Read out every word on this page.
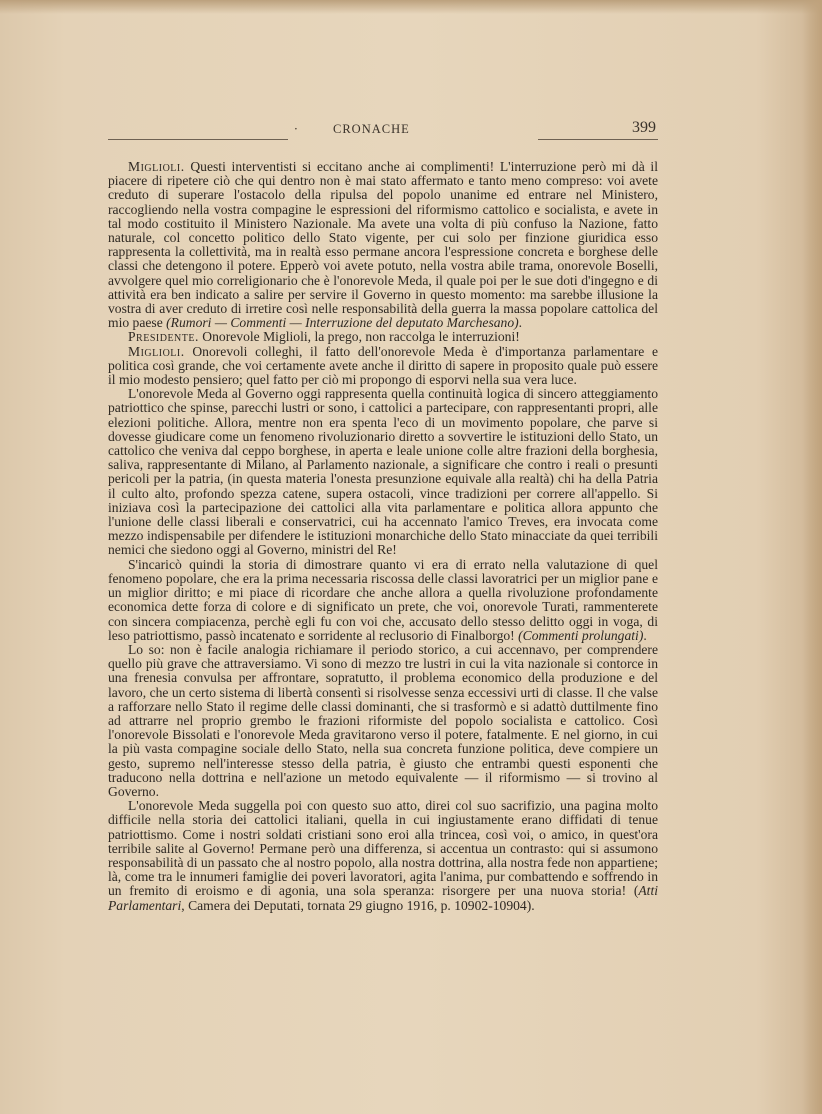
·	CRONACHE	399

Miglioli. Questi interventisti si eccitano anche ai complimenti! L'interruzione però mi dà il piacere di ripetere ciò che qui dentro non è mai stato affermato e tanto meno compreso: voi avete creduto di superare l'ostacolo della ripulsa del popolo unanime ed entrare nel Ministero, raccogliendo nella vostra compagine le espressioni del riformismo cattolico e socialista, e avete in tal modo costituito il Ministero Nazionale. Ma avete una volta di più confuso la Nazione, fatto naturale, col concetto politico dello Stato vigente, per cui solo per finzione giuridica esso rappresenta la collettività, ma in realtà esso permane ancora l'espressione concreta e borghese delle classi che detengono il potere. Epperò voi avete potuto, nella vostra abile trama, onorevole Boselli, avvolgere quel mio correligionario che è l'onorevole Meda, il quale poi per le sue doti d'ingegno e di attività era ben indicato a salire per servire il Governo in questo momento: ma sarebbe illusione la vostra di aver creduto di irretire così nelle responsabilità della guerra la massa popolare cattolica del mio paese (Rumori — Commenti — Interruzione del deputato Marchesano).

Presidente. Onorevole Miglioli, la prego, non raccolga le interruzioni!

Miglioli. Onorevoli colleghi, il fatto dell'onorevole Meda è d'importanza parlamentare e politica così grande, che voi certamente avete anche il diritto di sapere in proposito quale può essere il mio modesto pensiero; quel fatto per ciò mi propongo di esporvi nella sua vera luce.

L'onorevole Meda al Governo oggi rappresenta quella continuità logica di sincero atteggiamento patriottico che spinse, parecchi lustri or sono, i cattolici a partecipare, con rappresentanti propri, alle elezioni politiche. Allora, mentre non era spenta l'eco di un movimento popolare, che parve si dovesse giudicare come un fenomeno rivoluzionario diretto a sovvertire le istituzioni dello Stato, un cattolico che veniva dal ceppo borghese, in aperta e leale unione colle altre frazioni della borghesia, saliva, rappresentante di Milano, al Parlamento nazionale, a significare che contro i reali o presunti pericoli per la patria, (in questa materia l'onesta presunzione equivale alla realtà) chi ha della Patria il culto alto, profondo spezza catene, supera ostacoli, vince tradizioni per correre all'appello. Si iniziava così la partecipazione dei cattolici alla vita parlamentare e politica allora appunto che l'unione delle classi liberali e conservatrici, cui ha accennato l'amico Treves, era invocata come mezzo indispensabile per difendere le istituzioni monarchiche dello Stato minacciate da quei terribili nemici che siedono oggi al Governo, ministri del Re!

S'incaricò quindi la storia di dimostrare quanto vi era di errato nella valutazione di quel fenomeno popolare, che era la prima necessaria riscossa delle classi lavoratrici per un miglior pane e un miglior diritto; e mi piace di ricordare che anche allora a quella rivoluzione profondamente economica dette forza di colore e di significato un prete, che voi, onorevole Turati, rammenterete con sincera compiacenza, perchè egli fu con voi che, accusato dello stesso delitto oggi in voga, di leso patriottismo, passò incatenato e sorridente al reclusorio di Finalborgo! (Commenti prolungati).

Lo so: non è facile analogia richiamare il periodo storico, a cui accennavo, per comprendere quello più grave che attraversiamo. Vi sono di mezzo tre lustri in cui la vita nazionale si contorce in una frenesia convulsa per affrontare, sopratutto, il problema economico della produzione e del lavoro, che un certo sistema di libertà consentì si risolvesse senza eccessivi urti di classe. Il che valse a rafforzare nello Stato il regime delle classi dominanti, che si trasformò e si adattò duttilmente fino ad attrarre nel proprio grembo le frazioni riformiste del popolo socialista e cattolico. Così l'onorevole Bissolati e l'onorevole Meda gravitarono verso il potere, fatalmente. E nel giorno, in cui la più vasta compagine sociale dello Stato, nella sua concreta funzione politica, deve compiere un gesto, supremo nell'interesse stesso della patria, è giusto che entrambi questi esponenti che traducono nella dottrina e nell'azione un metodo equivalente — il riformismo — si trovino al Governo.

L'onorevole Meda suggella poi con questo suo atto, direi col suo sacrifizio, una pagina molto difficile nella storia dei cattolici italiani, quella in cui ingiustamente erano diffidati di tenue patriottismo. Come i nostri soldati cristiani sono eroi alla trincea, così voi, o amico, in quest'ora terribile salite al Governo! Permane però una differenza, si accentua un contrasto: qui si assumono responsabilità di un passato che al nostro popolo, alla nostra dottrina, alla nostra fede non appartiene; là, come tra le innumeri famiglie dei poveri lavoratori, agita l'anima, pur combattendo e soffrendo in un fremito di eroismo e di agonia, una sola speranza: risorgere per una nuova storia! (Atti Parlamentari, Camera dei Deputati, tornata 29 giugno 1916, p. 10902-10904).
